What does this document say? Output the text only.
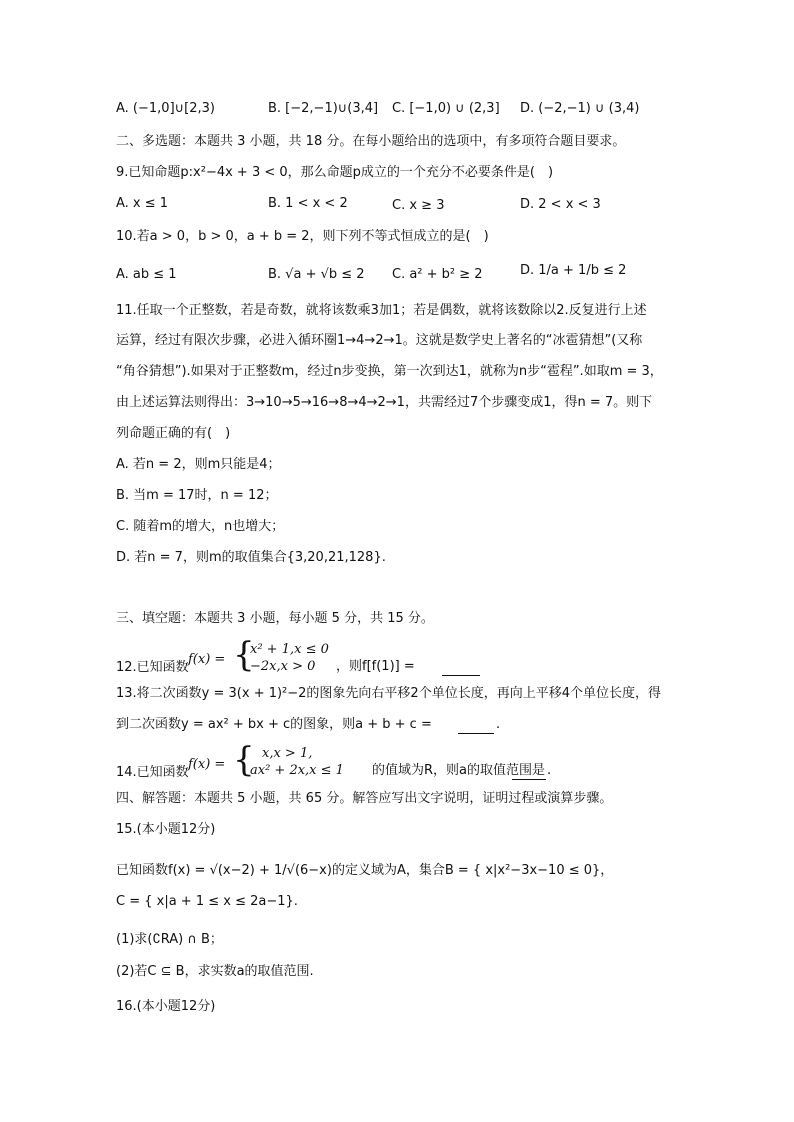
A. (−1,0]∪[2,3)	B. [−2,−1)∪(3,4] C. [−1,0) ∪ (2,3] D. (−2,−1) ∪ (3,4)
二、多选题：本题共 3 小题，共 18 分。在每小题给出的选项中，有多项符合题目要求。
9.已知命题p:x²−4x + 3 < 0，那么命题p成立的一个充分不必要条件是(　)
A. x ≤ 1	B. 1 < x < 2	C. x ≥ 3	D. 2 < x < 3
10.若a > 0，b > 0，a + b = 2，则下列不等式恒成立的是(　)
A. ab ≤ 1	B. √a + √b ≤ 2 C. a² + b² ≥ 2	D. 1/a + 1/b ≤ 2
11.任取一个正整数，若是奇数，就将该数乘3加1；若是偶数，就将该数除以2.反复进行上述
运算，经过有限次步骤，必进入循环圈1→4→2→1。这就是数学史上著名的“冰雹猜想”(又称
“角谷猜想”).如果对于正整数m，经过n步变换，第一次到达1，就称为n步“雹程”.如取m = 3，
由上述运算法则得出：3→10→5→16→8→4→2→1，共需经过7个步骤变成1，得n = 7。则下
列命题正确的有(　)
A. 若n = 2，则m只能是4；
B. 当m = 17时，n = 12；
C. 随着m的增大，n也增大；
D. 若n = 7，则m的取值集合{3,20,21,128}.
三、填空题：本题共 3 小题，每小题 5 分，共 15 分。
12.已知函数
f(x) = {
x² + 1,x ≤ 0
−2x,x > 0 ，则f[f(1)] =
13.将二次函数y = 3(x + 1)²−2的图象先向右平移2个单位长度，再向上平移4个单位长度，得
到二次函数y = ax² + bx + c的图象，则a + b + c =	.
14.已知函数
f(x) = { x,x > 1,
ax² + 2x,x ≤ 1 的值域为R，则a的取值范围是 .
四、解答题：本题共 5 小题，共 65 分。解答应写出文字说明，证明过程或演算步骤。
15.(本小题12分)
已知函数f(x) = √(x−2) + 1/√(6−x)的定义域为A，集合B = { x|x²−3x−10 ≤ 0}，
C = { x|a + 1 ≤ x ≤ 2a−1}.
(1)求(∁RA) ∩ B；
(2)若C ⊆ B，求实数a的取值范围.
16.(本小题12分)
